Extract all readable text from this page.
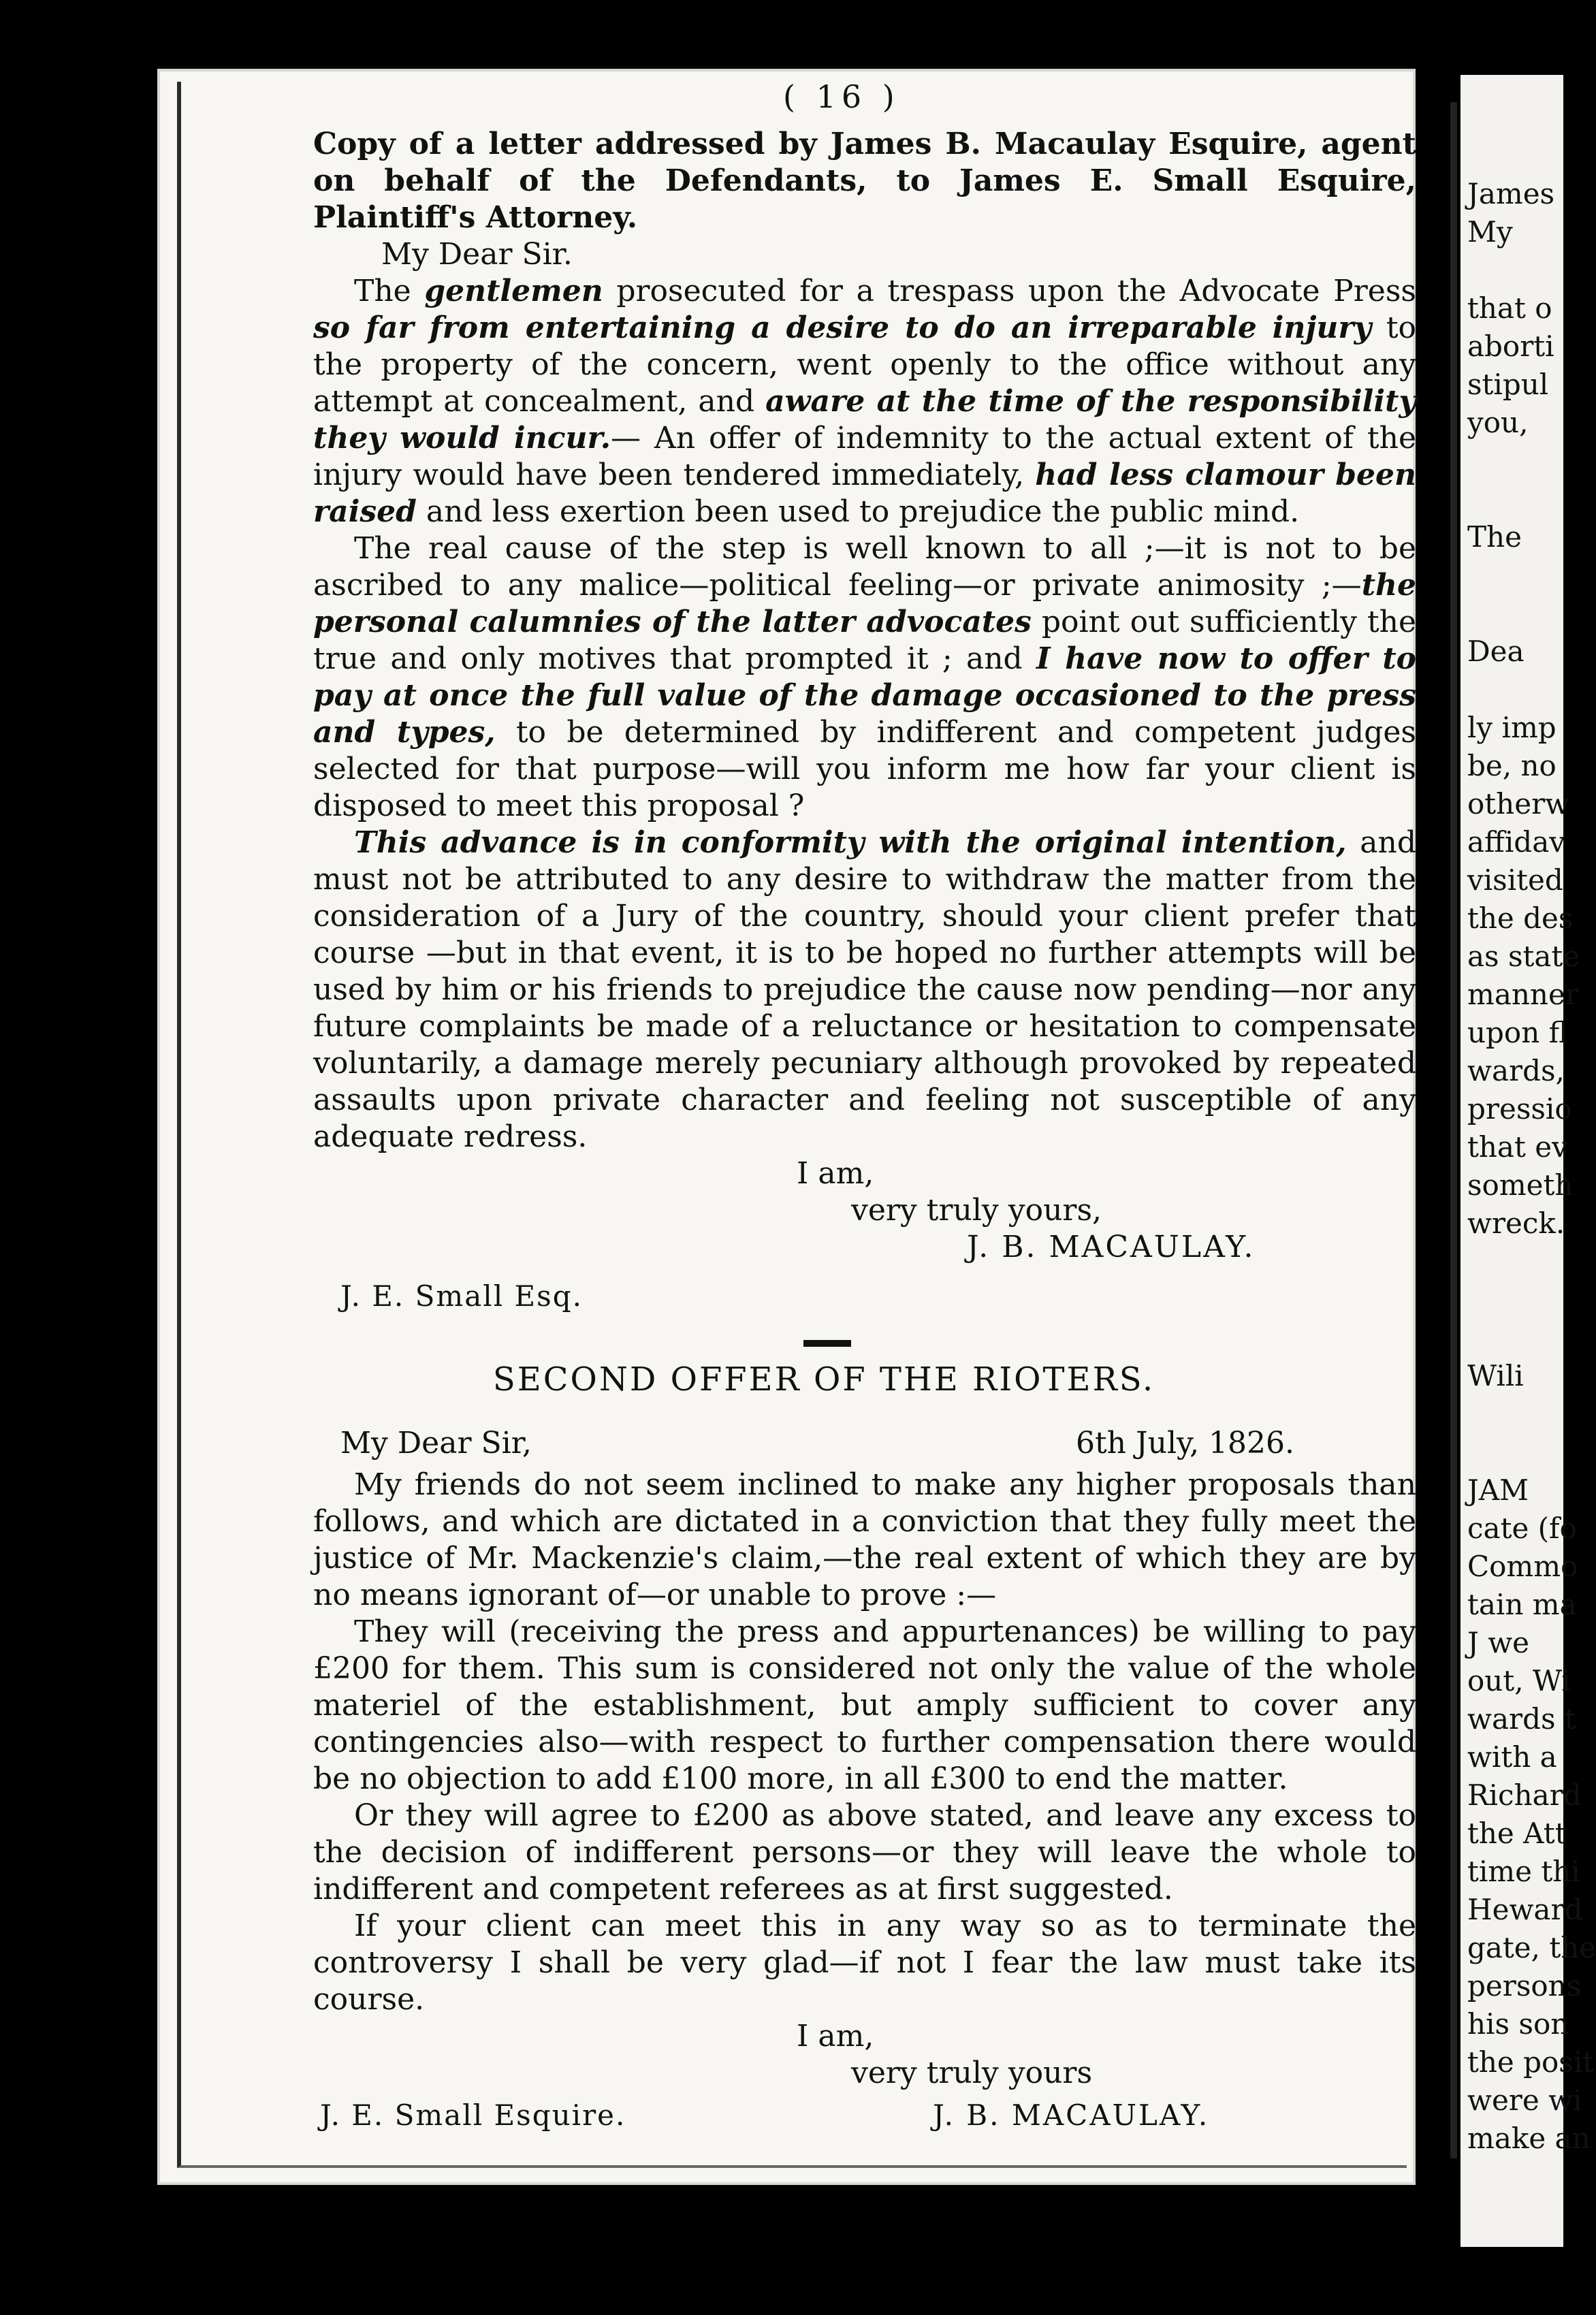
James
My
that o
aborti
stipul
you,
The
Dea
ly imp
be, no
otherw
affidav
visited
the des
as state
manner
upon fl
wards,
pressio
that ev
someth
wreck.
Wili
JAM
cate (fo
Commo
tain ma
J we
out, Wi
wards t
with a
Richard
the Att
time thi
Heward
gate, the
persons
his son
the posit
were wi
make an
( 16 )

Copy of a letter addressed by James B. Macaulay Esquire, agent on behalf of the Defendants, to James E. Small Esquire, Plaintiff's Attorney.

My Dear Sir.

The gentlemen prosecuted for a trespass upon the Advocate Press so far from entertaining a desire to do an irreparable injury to the property of the concern, went openly to the office without any attempt at concealment, and aware at the time of the responsibility they would incur.— An offer of indemnity to the actual extent of the injury would have been tendered immediately, had less clamour been raised and less exertion been used to prejudice the public mind.

The real cause of the step is well known to all ;—it is not to be ascribed to any malice—political feeling—or private animosity ;—the personal calumnies of the latter advocates point out sufficiently the true and only motives that prompted it ; and I have now to offer to pay at once the full value of the damage occasioned to the press and types, to be determined by indifferent and competent judges selected for that purpose—will you inform me how far your client is disposed to meet this proposal ?

This advance is in conformity with the original intention, and must not be attributed to any desire to withdraw the matter from the consideration of a Jury of the country, should your client prefer that course —but in that event, it is to be hoped no further attempts will be used by him or his friends to prejudice the cause now pending—nor any future complaints be made of a reluctance or hesitation to compensate voluntarily, a damage merely pecuniary although provoked by repeated assaults upon private character and feeling not susceptible of any adequate redress.

I am,
very truly yours,
J. B. MACAULAY.

J. E. Small Esq.

SECOND OFFER OF THE RIOTERS.
My Dear Sir,	6th July, 1826.

My friends do not seem inclined to make any higher proposals than follows, and which are dictated in a conviction that they fully meet the justice of Mr. Mackenzie's claim,—the real extent of which they are by no means ignorant of—or unable to prove :—

They will (receiving the press and appurtenances) be willing to pay £200 for them. This sum is considered not only the value of the whole materiel of the establishment, but amply sufficient to cover any contingencies also—with respect to further compensation there would be no objection to add £100 more, in all £300 to end the matter.

Or they will agree to £200 as above stated, and leave any excess to the decision of indifferent persons—or they will leave the whole to indifferent and competent referees as at first suggested.

If your client can meet this in any way so as to terminate the controversy I shall be very glad—if not I fear the law must take its course.

I am,
very truly yours

J. E. Small Esquire.	J. B. MACAULAY.
